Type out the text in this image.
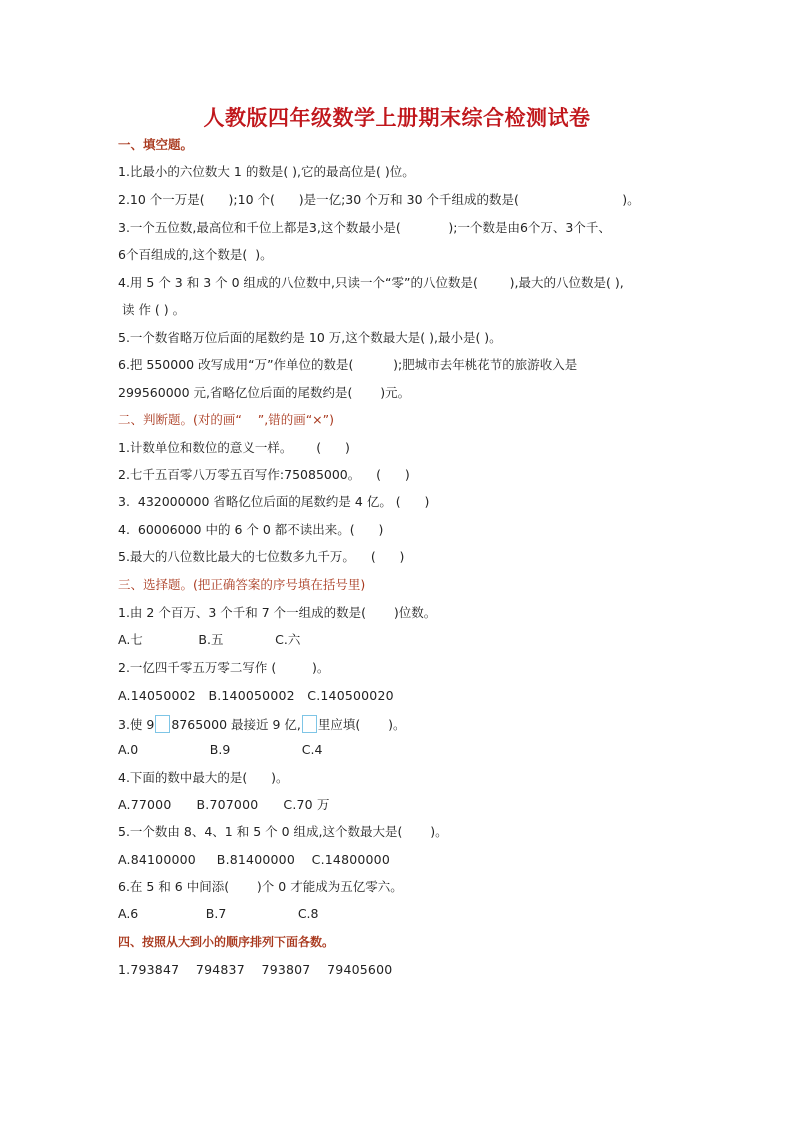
人教版四年级数学上册期末综合检测试卷
一、填空题。
1.比最小的六位数大 1 的数是( ),它的最高位是( )位。
2.10 个一万是(      );10 个(      )是一亿;30 个万和 30 个千组成的数是(                          )。
3.一个五位数,最高位和千位上都是3,这个数最小是(            );一个数是由6个万、3个千、
6个百组成的,这个数是(  )。
4.用 5 个 3 和 3 个 0 组成的八位数中,只读一个“零”的八位数是(        ),最大的八位数是( ),
读 作 ( ) 。
5.一个数省略万位后面的尾数约是 10 万,这个数最大是( ),最小是( )。
6.把 550000 改写成用“万”作单位的数是(          );肥城市去年桃花节的旅游收入是
299560000 元,省略亿位后面的尾数约是(       )元。
二、判断题。(对的画“    ”,错的画“×”)
1.计数单位和数位的意义一样。      (      )
2.七千五百零八万零五百写作:75085000。    (      )
3.  432000000 省略亿位后面的尾数约是 4 亿。 (      )
4.  60006000 中的 6 个 0 都不读出来。(      )
5.最大的八位数比最大的七位数多九千万。    (      )
三、选择题。(把正确答案的序号填在括号里)
1.由 2 个百万、3 个千和 7 个一组成的数是(       )位数。
A.七              B.五             C.六
2.一亿四千零五万零二写作 (         )。
A.14050002   B.140050002   C.140500020
3.使 9 8765000 最接近 9 亿, 里应填(       )。
A.0                  B.9                  C.4
4.下面的数中最大的是(      )。
A.77000      B.707000      C.70 万
5.一个数由 8、4、1 和 5 个 0 组成,这个数最大是(       )。
A.84100000     B.81400000    C.14800000
6.在 5 和 6 中间添(       )个 0 才能成为五亿零六。
A.6                 B.7                  C.8
四、按照从大到小的顺序排列下面各数。
1.793847    794837    793807    79405600
